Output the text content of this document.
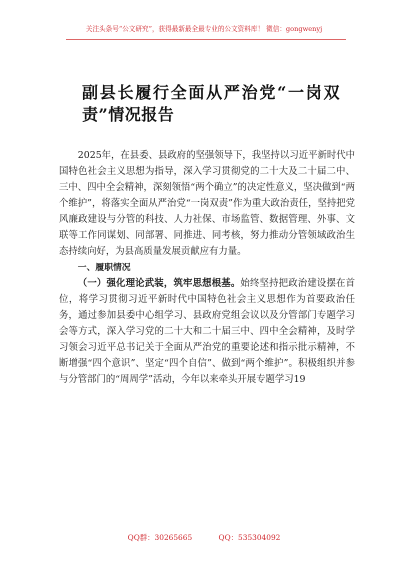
关注头条号“公文研究”，获得最新最全最专业的公文资料库！ 微信：gongwenyj
副县长履行全面从严治党“一岗双责”情况报告

2025年，在县委、县政府的坚强领导下，我坚持以习近平新时代中国特色社会主义思想为指导，深入学习贯彻党的二十大及二十届二中、三中、四中全会精神，深刻领悟“两个确立”的决定性意义，坚决做到“两个维护”，将落实全面从严治党“一岗双责”作为重大政治责任，坚持把党风廉政建设与分管的科技、人力社保、市场监管、数据管理、外事、文联等工作同谋划、同部署、同推进、同考核，努力推动分管领域政治生态持续向好，为县高质量发展贡献应有力量。

一、履职情况

（一）强化理论武装，筑牢思想根基。始终坚持把政治建设摆在首位，将学习贯彻习近平新时代中国特色社会主义思想作为首要政治任务，通过参加县委中心组学习、县政府党组会议以及分管部门专题学习会等方式，深入学习党的二十大和二十届三中、四中全会精神，及时学习领会习近平总书记关于全面从严治党的重要论述和指示批示精神，不断增强“四个意识”、坚定“四个自信”、做到“两个维护”。积极组织并参与分管部门的“周周学”活动，今年以来牵头开展专题学习19

QQ群：30265665	QQ：535304092
